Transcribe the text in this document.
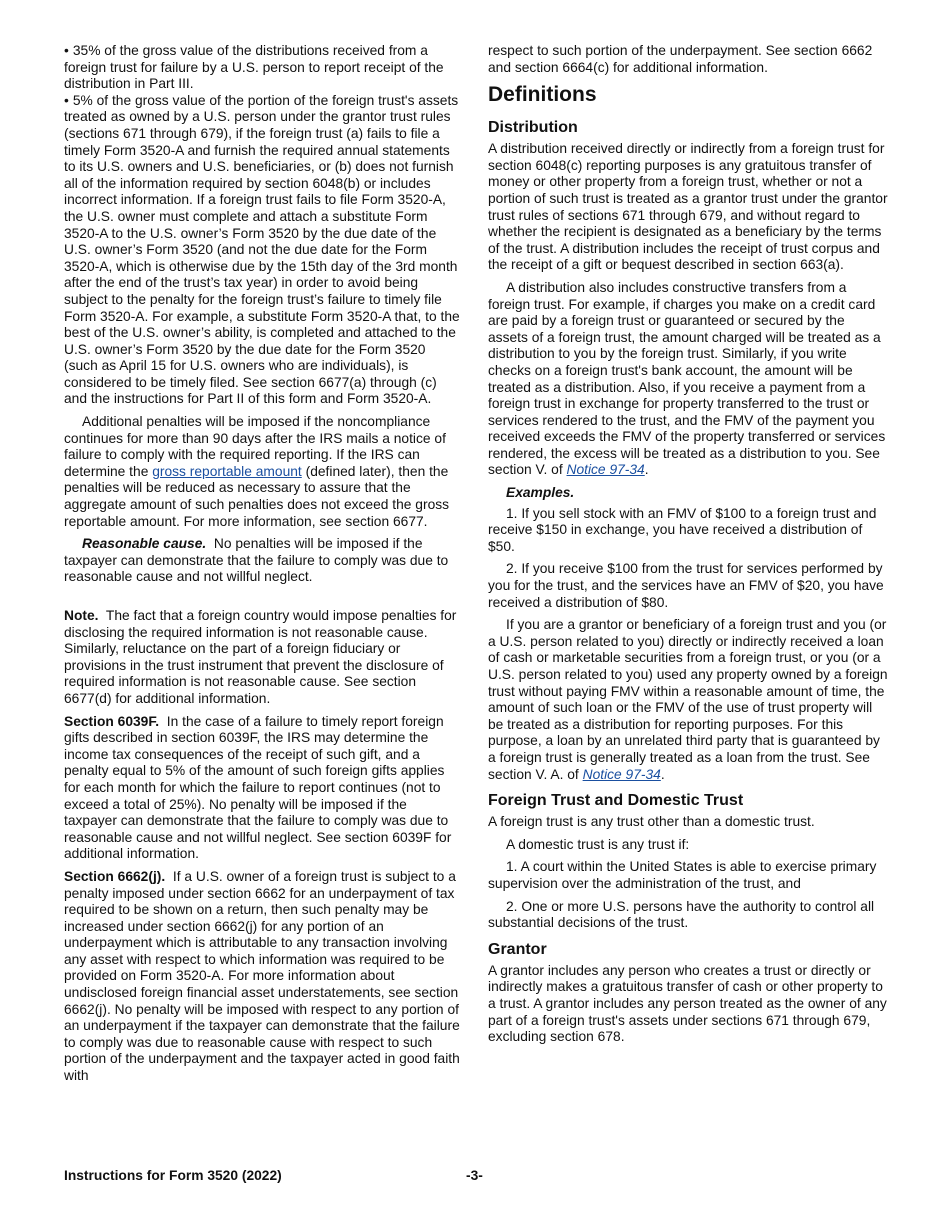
• 35% of the gross value of the distributions received from a foreign trust for failure by a U.S. person to report receipt of the distribution in Part III.

• 5% of the gross value of the portion of the foreign trust's assets treated as owned by a U.S. person under the grantor trust rules (sections 671 through 679), if the foreign trust (a) fails to file a timely Form 3520-A and furnish the required annual statements to its U.S. owners and U.S. beneficiaries, or (b) does not furnish all of the information required by section 6048(b) or includes incorrect information. If a foreign trust fails to file Form 3520-A, the U.S. owner must complete and attach a substitute Form 3520-A to the U.S. owner’s Form 3520 by the due date of the U.S. owner’s Form 3520 (and not the due date for the Form 3520-A, which is otherwise due by the 15th day of the 3rd month after the end of the trust’s tax year) in order to avoid being subject to the penalty for the foreign trust’s failure to timely file Form 3520-A. For example, a substitute Form 3520-A that, to the best of the U.S. owner’s ability, is completed and attached to the U.S. owner’s Form 3520 by the due date for the Form 3520 (such as April 15 for U.S. owners who are individuals), is considered to be timely filed. See section 6677(a) through (c) and the instructions for Part II of this form and Form 3520-A.

Additional penalties will be imposed if the noncompliance continues for more than 90 days after the IRS mails a notice of failure to comply with the required reporting. If the IRS can determine the gross reportable amount (defined later), then the penalties will be reduced as necessary to assure that the aggregate amount of such penalties does not exceed the gross reportable amount. For more information, see section 6677.

Reasonable cause. No penalties will be imposed if the taxpayer can demonstrate that the failure to comply was due to reasonable cause and not willful neglect.

Note. The fact that a foreign country would impose penalties for disclosing the required information is not reasonable cause. Similarly, reluctance on the part of a foreign fiduciary or provisions in the trust instrument that prevent the disclosure of required information is not reasonable cause. See section 6677(d) for additional information.

Section 6039F. In the case of a failure to timely report foreign gifts described in section 6039F, the IRS may determine the income tax consequences of the receipt of such gift, and a penalty equal to 5% of the amount of such foreign gifts applies for each month for which the failure to report continues (not to exceed a total of 25%). No penalty will be imposed if the taxpayer can demonstrate that the failure to comply was due to reasonable cause and not willful neglect. See section 6039F for additional information.

Section 6662(j). If a U.S. owner of a foreign trust is subject to a penalty imposed under section 6662 for an underpayment of tax required to be shown on a return, then such penalty may be increased under section 6662(j) for any portion of an underpayment which is attributable to any transaction involving any asset with respect to which information was required to be provided on Form 3520-A. For more information about undisclosed foreign financial asset understatements, see section 6662(j). No penalty will be imposed with respect to any portion of an underpayment if the taxpayer can demonstrate that the failure to comply was due to reasonable cause with respect to such portion of the underpayment and the taxpayer acted in good faith with

respect to such portion of the underpayment. See section 6662 and section 6664(c) for additional information.

Definitions
Distribution

A distribution received directly or indirectly from a foreign trust for section 6048(c) reporting purposes is any gratuitous transfer of money or other property from a foreign trust, whether or not a portion of such trust is treated as a grantor trust under the grantor trust rules of sections 671 through 679, and without regard to whether the recipient is designated as a beneficiary by the terms of the trust. A distribution includes the receipt of trust corpus and the receipt of a gift or bequest described in section 663(a).

A distribution also includes constructive transfers from a foreign trust. For example, if charges you make on a credit card are paid by a foreign trust or guaranteed or secured by the assets of a foreign trust, the amount charged will be treated as a distribution to you by the foreign trust. Similarly, if you write checks on a foreign trust's bank account, the amount will be treated as a distribution. Also, if you receive a payment from a foreign trust in exchange for property transferred to the trust or services rendered to the trust, and the FMV of the payment you received exceeds the FMV of the property transferred or services rendered, the excess will be treated as a distribution to you. See section V. of Notice 97-34.

Examples.

1. If you sell stock with an FMV of $100 to a foreign trust and receive $150 in exchange, you have received a distribution of $50.

2. If you receive $100 from the trust for services performed by you for the trust, and the services have an FMV of $20, you have received a distribution of $80.

If you are a grantor or beneficiary of a foreign trust and you (or a U.S. person related to you) directly or indirectly received a loan of cash or marketable securities from a foreign trust, or you (or a U.S. person related to you) used any property owned by a foreign trust without paying FMV within a reasonable amount of time, the amount of such loan or the FMV of the use of trust property will be treated as a distribution for reporting purposes. For this purpose, a loan by an unrelated third party that is guaranteed by a foreign trust is generally treated as a loan from the trust. See section V. A. of Notice 97-34.

Foreign Trust and Domestic Trust

A foreign trust is any trust other than a domestic trust.

A domestic trust is any trust if:

1. A court within the United States is able to exercise primary supervision over the administration of the trust, and

2. One or more U.S. persons have the authority to control all substantial decisions of the trust.

Grantor

A grantor includes any person who creates a trust or directly or indirectly makes a gratuitous transfer of cash or other property to a trust. A grantor includes any person treated as the owner of any part of a foreign trust's assets under sections 671 through 679, excluding section 678.

Instructions for Form 3520 (2022)	-3-
